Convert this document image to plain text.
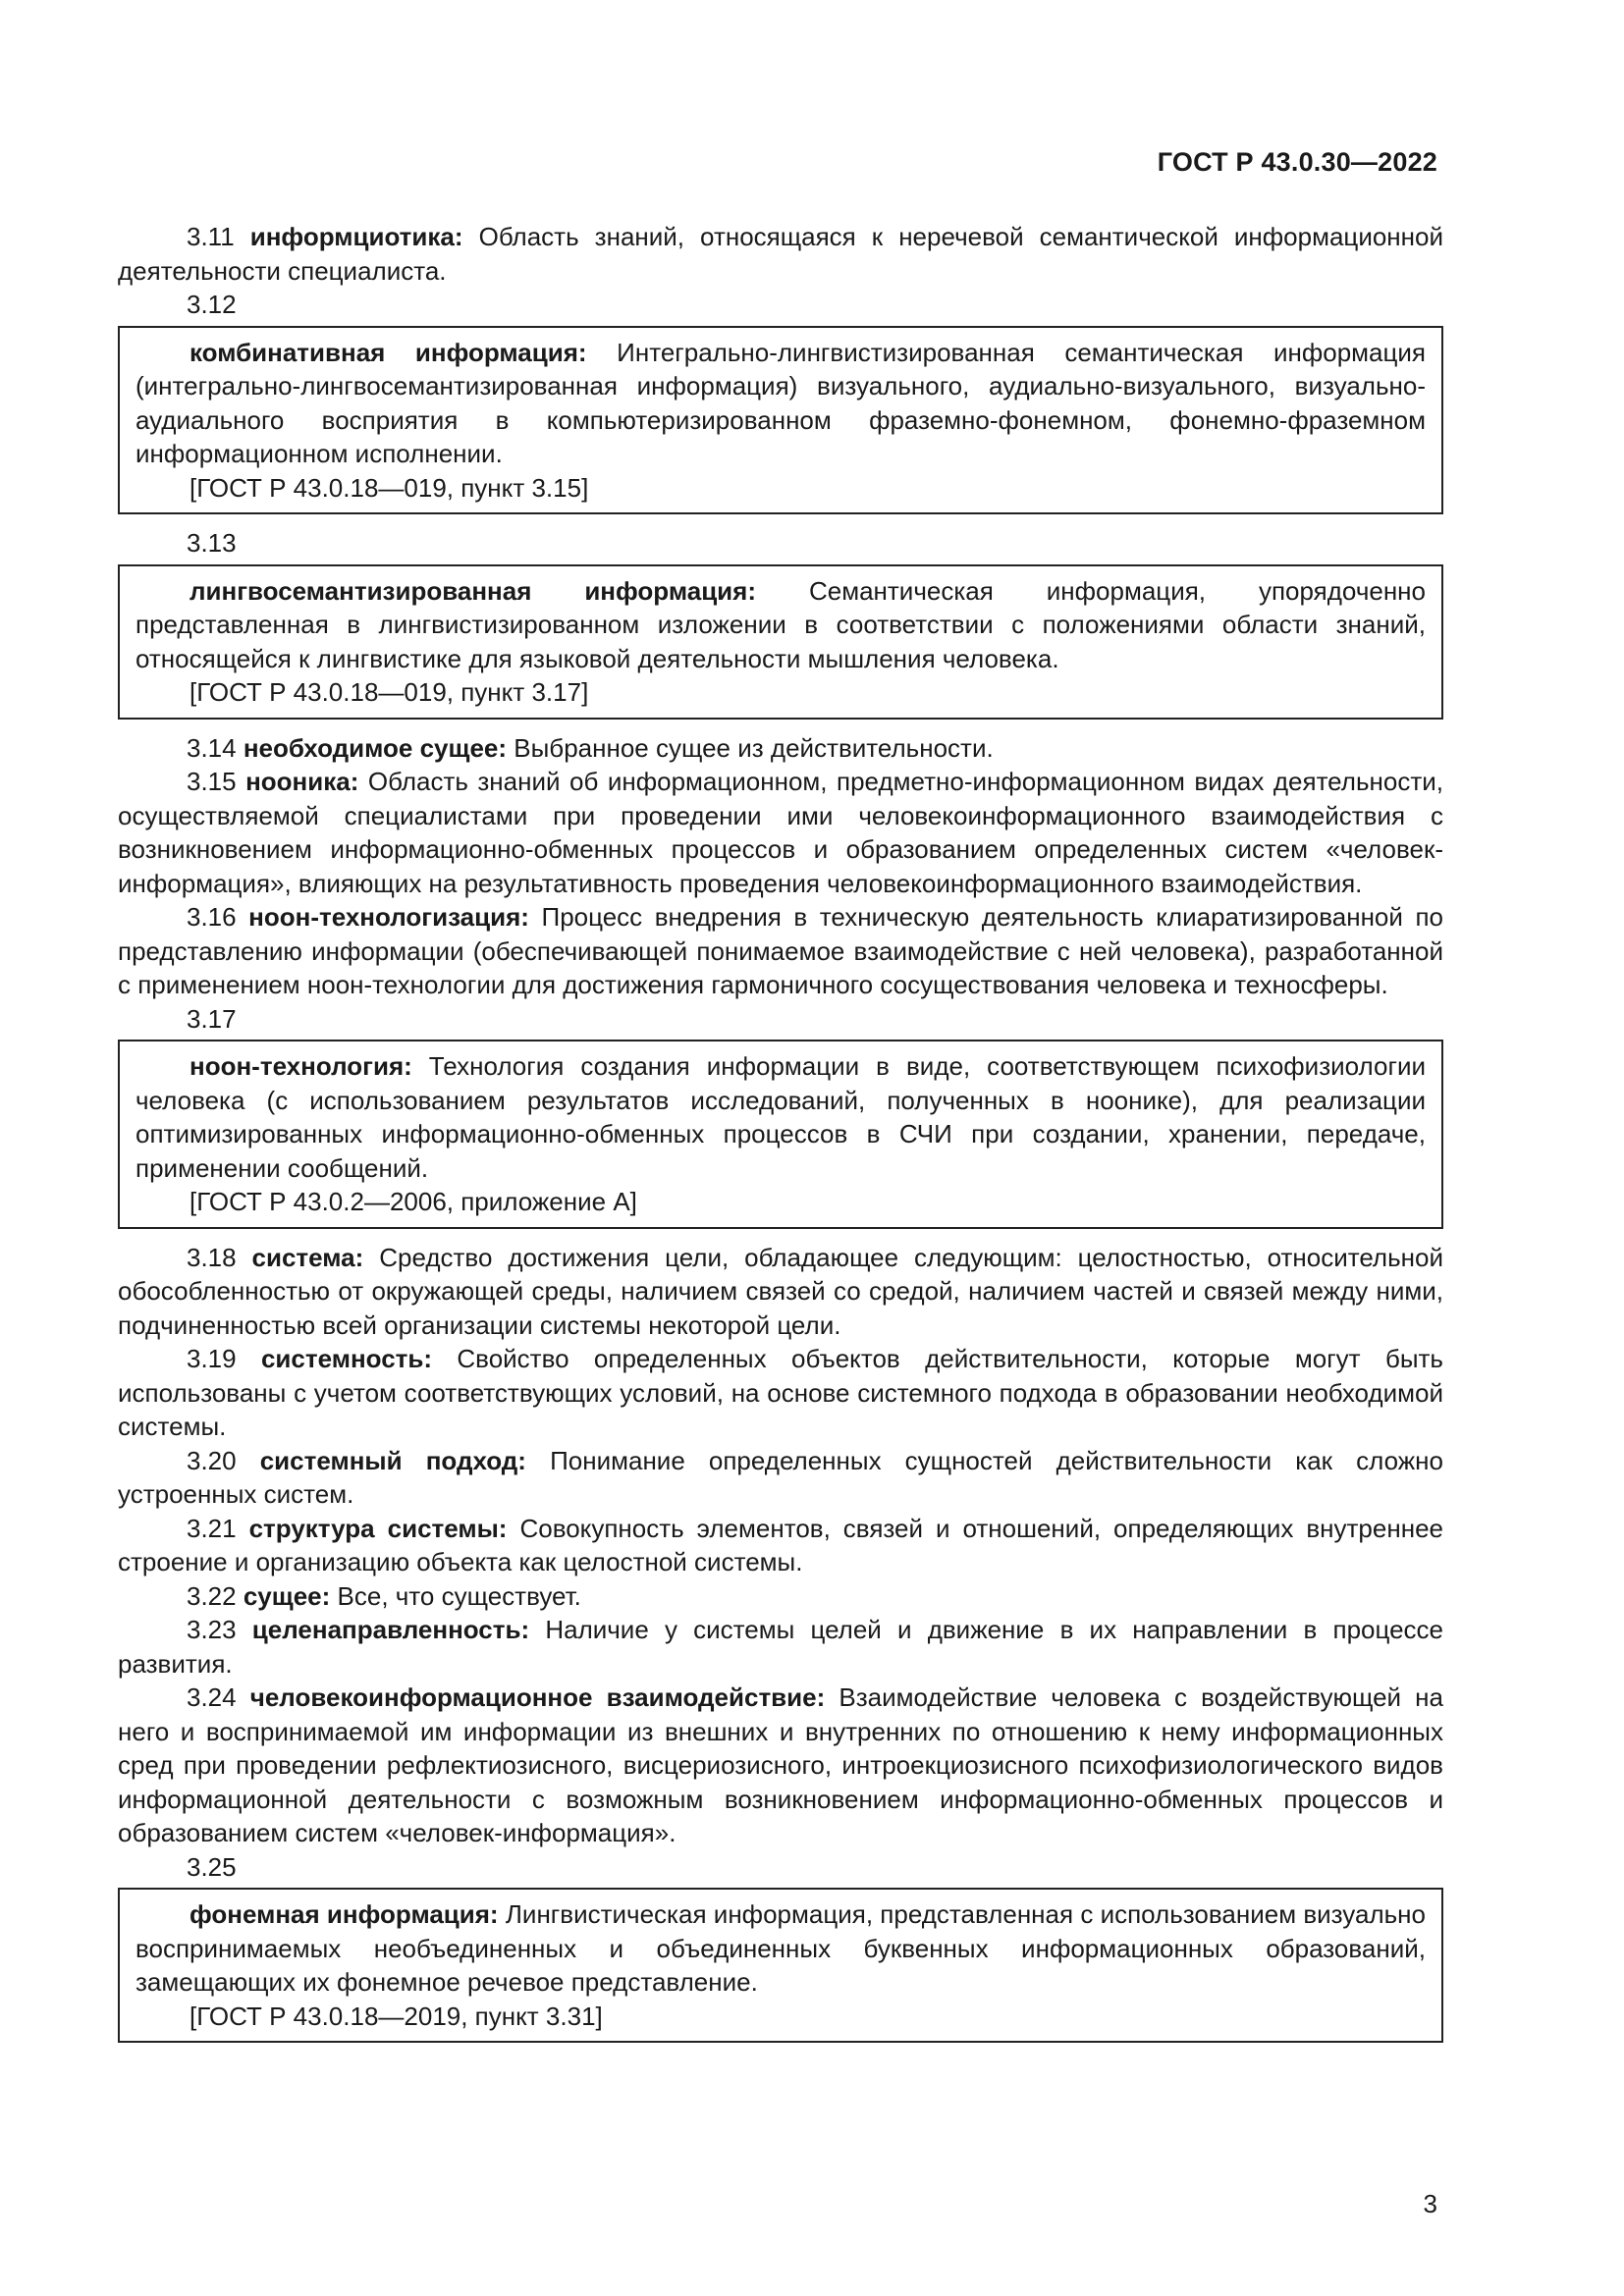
ГОСТ Р 43.0.30—2022

3.11 информциотика: Область знаний, относящаяся к неречевой семантической информационной деятельности специалиста.

3.12

комбинативная информация: Интегрально-лингвистизированная семантическая информация (интегрально-лингвосемантизированная информация) визуального, аудиально-визуального, визуально-аудиального восприятия в компьютеризированном фраземно-фонемном, фонемно-фраземном информационном исполнении.

[ГОСТ Р 43.0.18—019, пункт 3.15]

3.13

лингвосемантизированная информация: Семантическая информация, упорядоченно представленная в лингвистизированном изложении в соответствии с положениями области знаний, относящейся к лингвистике для языковой деятельности мышления человека.

[ГОСТ Р 43.0.18—019, пункт 3.17]

3.14 необходимое сущее: Выбранное сущее из действительности.

3.15 нооника: Область знаний об информационном, предметно-информационном видах деятельности, осуществляемой специалистами при проведении ими человекоинформационного взаимодействия с возникновением информационно-обменных процессов и образованием определенных систем «человек-информация», влияющих на результативность проведения человекоинформационного взаимодействия.

3.16 ноон-технологизация: Процесс внедрения в техническую деятельность клиаратизированной по представлению информации (обеспечивающей понимаемое взаимодействие с ней человека), разработанной с применением ноон-технологии для достижения гармоничного сосуществования человека и техносферы.

3.17

ноон-технология: Технология создания информации в виде, соответствующем психофизиологии человека (с использованием результатов исследований, полученных в ноонике), для реализации оптимизированных информационно-обменных процессов в СЧИ при создании, хранении, передаче, применении сообщений.

[ГОСТ Р 43.0.2—2006, приложение А]

3.18 система: Средство достижения цели, обладающее следующим: целостностью, относительной обособленностью от окружающей среды, наличием связей со средой, наличием частей и связей между ними, подчиненностью всей организации системы некоторой цели.

3.19 системность: Свойство определенных объектов действительности, которые могут быть использованы с учетом соответствующих условий, на основе системного подхода в образовании необходимой системы.

3.20 системный подход: Понимание определенных сущностей действительности как сложно устроенных систем.

3.21 структура системы: Совокупность элементов, связей и отношений, определяющих внутреннее строение и организацию объекта как целостной системы.

3.22 сущее: Все, что существует.

3.23 целенаправленность: Наличие у системы целей и движение в их направлении в процессе развития.

3.24 человекоинформационное взаимодействие: Взаимодействие человека с воздействующей на него и воспринимаемой им информации из внешних и внутренних по отношению к нему информационных сред при проведении рефлектиозисного, висцериозисного, интроекциозисного психофизиологического видов информационной деятельности с возможным возникновением информационно-обменных процессов и образованием систем «человек-информация».

3.25

фонемная информация: Лингвистическая информация, представленная с использованием визуально воспринимаемых необъединенных и объединенных буквенных информационных образований, замещающих их фонемное речевое представление.

[ГОСТ Р 43.0.18—2019, пункт 3.31]

3
